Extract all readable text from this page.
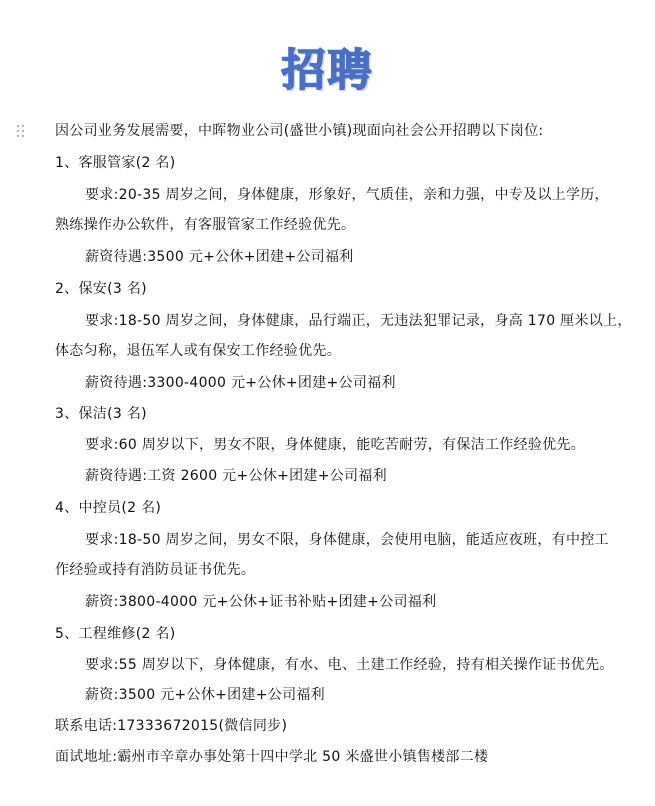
招聘
因公司业务发展需要，中晖物业公司(盛世小镇)现面向社会公开招聘以下岗位:
1、客服管家(2 名)
要求:20-35 周岁之间，身体健康，形象好，气质佳，亲和力强，中专及以上学历，
熟练操作办公软件，有客服管家工作经验优先。
薪资待遇:3500 元+公休+团建+公司福利
2、保安(3 名)
要求:18-50 周岁之间，身体健康，品行端正，无违法犯罪记录，身高 170 厘米以上，
体态匀称，退伍军人或有保安工作经验优先。
薪资待遇:3300-4000 元+公休+团建+公司福利
3、保洁(3 名)
要求:60 周岁以下，男女不限，身体健康，能吃苦耐劳，有保洁工作经验优先。
薪资待遇:工资 2600 元+公休+团建+公司福利
4、中控员(2 名)
要求:18-50 周岁之间，男女不限，身体健康，会使用电脑，能适应夜班，有中控工
作经验或持有消防员证书优先。
薪资:3800-4000 元+公休+证书补贴+团建+公司福利
5、工程维修(2 名)
要求:55 周岁以下，身体健康，有水、电、土建工作经验，持有相关操作证书优先。
薪资:3500 元+公休+团建+公司福利
联系电话:17333672015(微信同步)
面试地址:霸州市辛章办事处第十四中学北 50 米盛世小镇售楼部二楼
